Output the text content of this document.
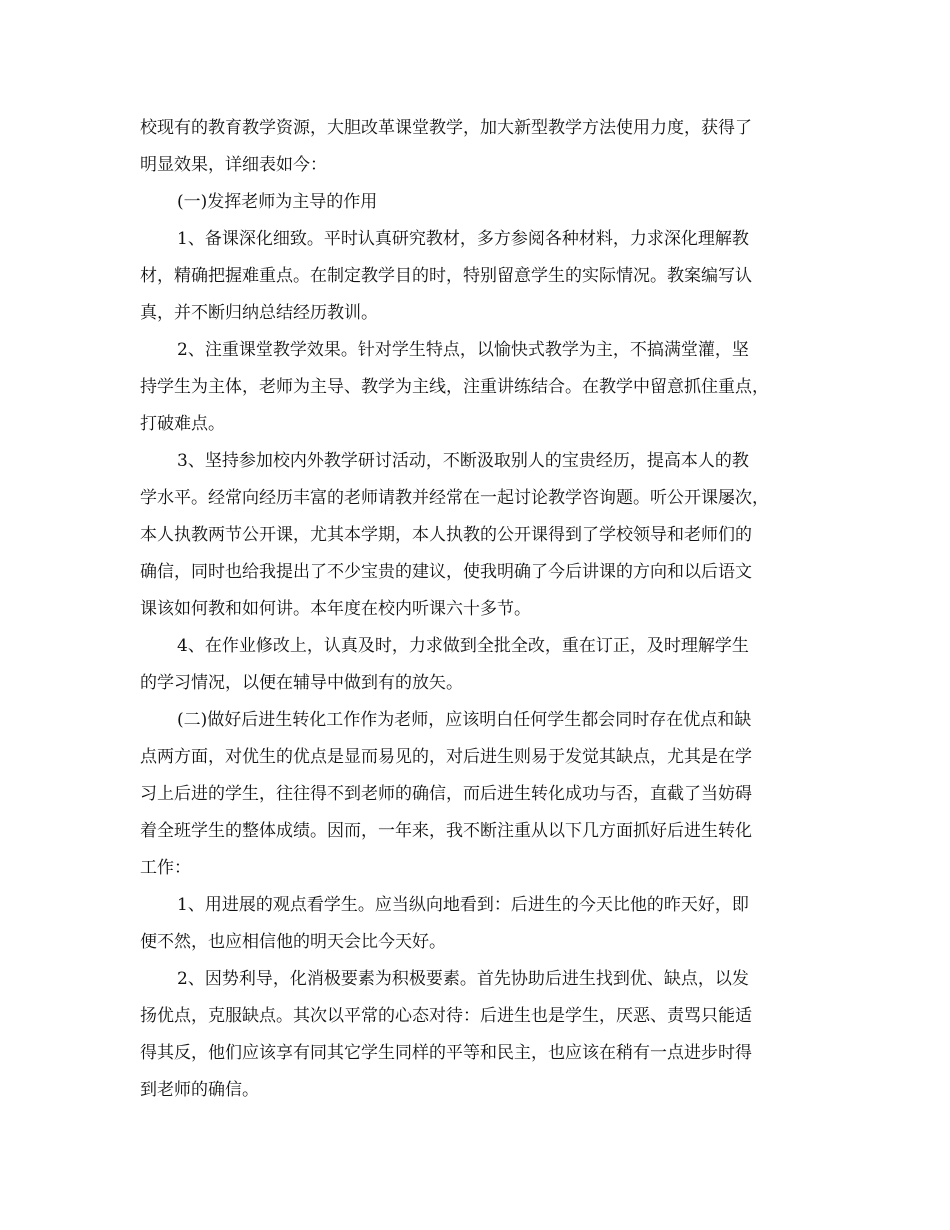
校现有的教育教学资源，大胆改革课堂教学，加大新型教学方法使用力度，获得了
明显效果，详细表如今：
(一)发挥老师为主导的作用
1、备课深化细致。平时认真研究教材，多方参阅各种材料，力求深化理解教
材，精确把握难重点。在制定教学目的时，特别留意学生的实际情况。教案编写认
真，并不断归纳总结经历教训。
2、注重课堂教学效果。针对学生特点，以愉快式教学为主，不搞满堂灌，坚
持学生为主体，老师为主导、教学为主线，注重讲练结合。在教学中留意抓住重点，
打破难点。
3、坚持参加校内外教学研讨活动，不断汲取别人的宝贵经历，提高本人的教
学水平。经常向经历丰富的老师请教并经常在一起讨论教学咨询题。听公开课屡次，
本人执教两节公开课，尤其本学期，本人执教的公开课得到了学校领导和老师们的
确信，同时也给我提出了不少宝贵的建议，使我明确了今后讲课的方向和以后语文
课该如何教和如何讲。本年度在校内听课六十多节。
4、在作业修改上，认真及时，力求做到全批全改，重在订正，及时理解学生
的学习情况，以便在辅导中做到有的放矢。
(二)做好后进生转化工作作为老师，应该明白任何学生都会同时存在优点和缺
点两方面，对优生的优点是显而易见的，对后进生则易于发觉其缺点，尤其是在学
习上后进的学生，往往得不到老师的确信，而后进生转化成功与否，直截了当妨碍
着全班学生的整体成绩。因而，一年来，我不断注重从以下几方面抓好后进生转化
工作：
1、用进展的观点看学生。应当纵向地看到：后进生的今天比他的昨天好，即
便不然，也应相信他的明天会比今天好。
2、因势利导，化消极要素为积极要素。首先协助后进生找到优、缺点，以发
扬优点，克服缺点。其次以平常的心态对待：后进生也是学生，厌恶、责骂只能适
得其反，他们应该享有同其它学生同样的平等和民主，也应该在稍有一点进步时得
到老师的确信。
